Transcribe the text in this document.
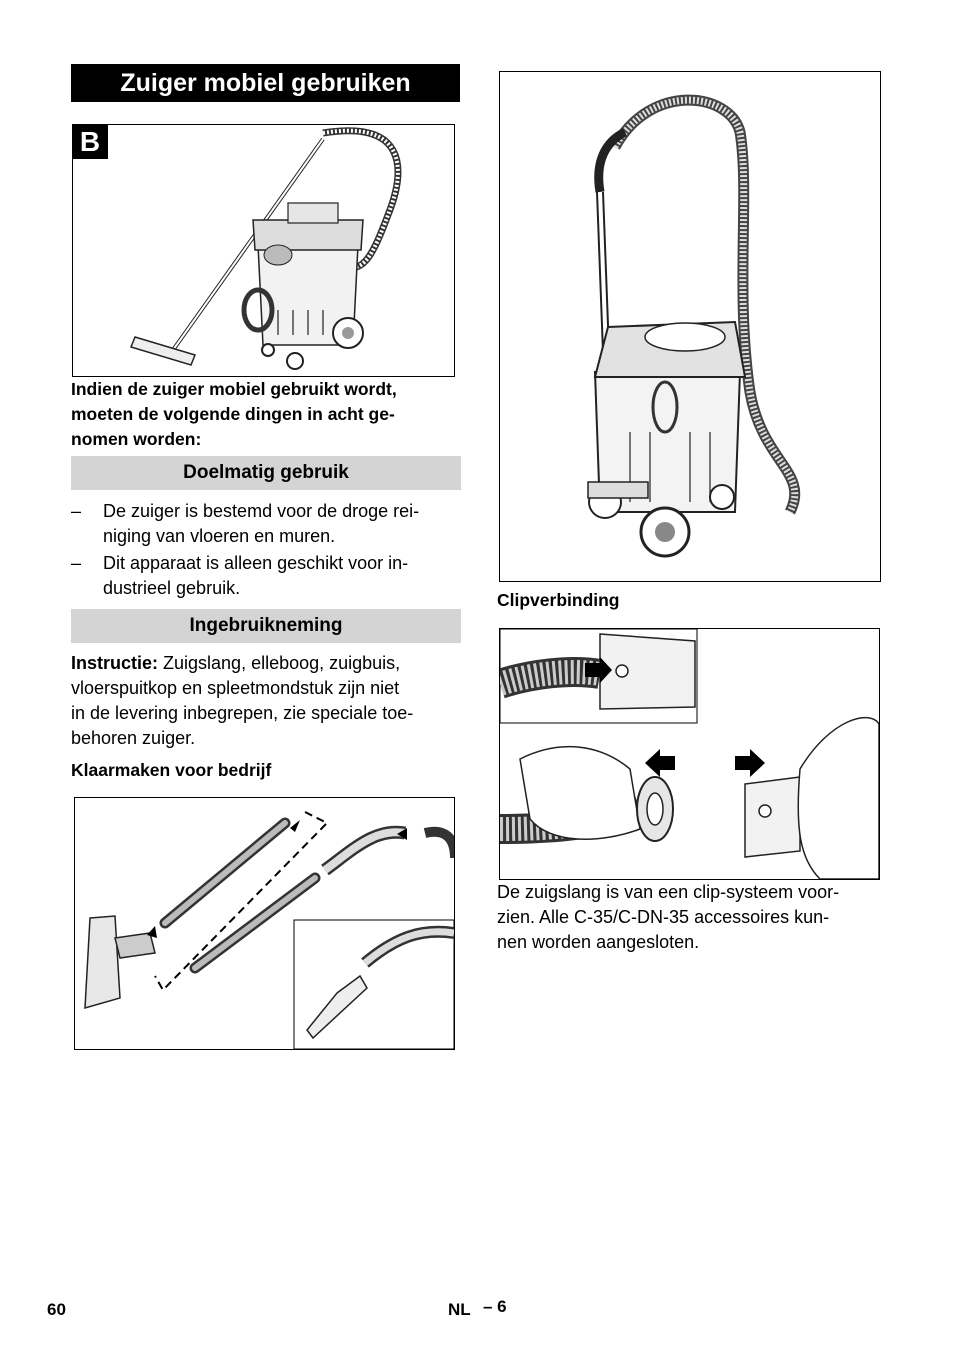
Zuiger mobiel gebruiken
B
Indien de zuiger mobiel gebruikt wordt,
moeten de volgende dingen in acht ge-
nomen worden:
Doelmatig gebruik
– De zuiger is bestemd voor de droge rei-
niging van vloeren en muren.
– Dit apparaat is alleen geschikt voor in-
dustrieel gebruik.
Ingebruikneming
Instructie: Zuigslang, elleboog, zuigbuis,
vloerspuitkop en spleetmondstuk zijn niet
in de levering inbegrepen, zie speciale toe-
behoren zuiger.
Klaarmaken voor bedrijf
Clipverbinding
De zuigslang is van een clip-systeem voor-
zien. Alle C-35/C-DN-35 accessoires kun-
nen worden aangesloten.
60	NL – 6
